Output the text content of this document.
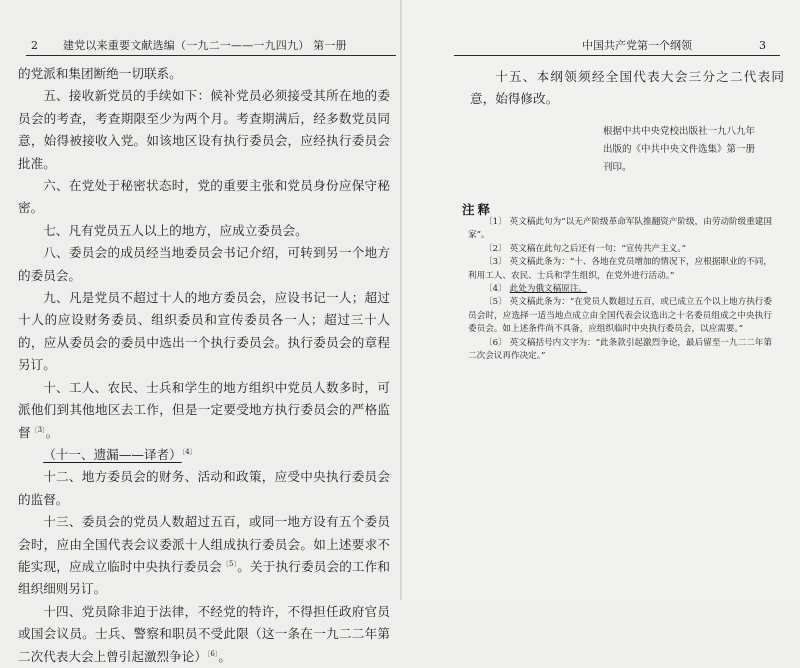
2 建党以来重要文献选编（一九二一——一九四九） 第一册

的党派和集团断绝一切联系。

五、接收新党员的手续如下：候补党员必须接受其所在地的委员会的考查，考查期限至少为两个月。考查期满后，经多数党员同意，始得被接收入党。如该地区设有执行委员会，应经执行委员会批准。

六、在党处于秘密状态时，党的重要主张和党员身份应保守秘密。

七、凡有党员五人以上的地方，应成立委员会。

八、委员会的成员经当地委员会书记介绍，可转到另一个地方的委员会。

九、凡是党员不超过十人的地方委员会，应设书记一人；超过十人的应设财务委员、组织委员和宣传委员各一人；超过三十人的，应从委员会的委员中选出一个执行委员会。执行委员会的章程另订。

十、工人、农民、士兵和学生的地方组织中党员人数多时，可派他们到其他地区去工作，但是一定要受地方执行委员会的严格监督$^{〔3〕}$。

（十一、遗漏——译者）$^{〔4〕}$

十二、地方委员会的财务、活动和政策，应受中央执行委员会的监督。

十三、委员会的党员人数超过五百，或同一地方设有五个委员会时，应由全国代表会议委派十人组成执行委员会。如上述要求不能实现，应成立临时中央执行委员会$^{〔5〕}$。关于执行委员会的工作和组织细则另订。

十四、党员除非迫于法律，不经党的特许，不得担任政府官员或国会议员。士兵、警察和职员不受此限（这一条在一九二二年第二次代表大会上曾引起激烈争论）$^{〔6〕}$。

中国共产党第一个纲领	3

十五、本纲领须经全国代表大会三分之二代表同意，始得修改。

根据中共中央党校出版社一九八九年
出版的《中共中央文件选集》第一册
刊印。
注释
〔1〕 英文稿此句为“以无产阶级革命军队推翻资产阶级，由劳动阶级重建国家”。
〔2〕 英文稿在此句之后还有一句：“宣传共产主义。”
〔3〕 英文稿此条为：“十、各地在党员增加的情况下，应根据职业的不同，利用工人、农民、士兵和学生组织，在党外进行活动。”
〔4〕 此处为俄文稿原注。
〔5〕 英文稿此条为：“在党员人数超过五百，或已成立五个以上地方执行委员会时，应选择一适当地点成立由全国代表会议选出之十名委员组成之中央执行委员会。如上述条件尚不具备，应组织临时中央执行委员会，以应需要。”
〔6〕 英文稿括号内文字为：“此条款引起激烈争论，最后留至一九二二年第二次会议再作决定。”
